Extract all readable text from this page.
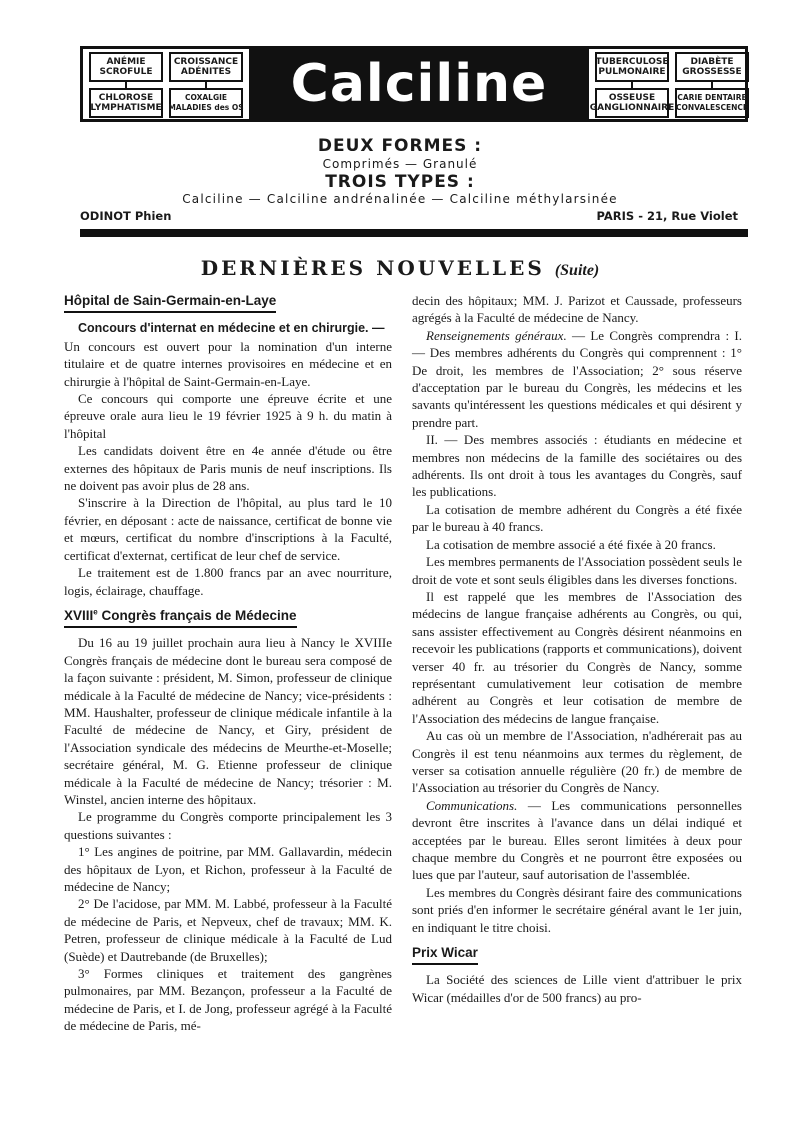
ANÉMIE
SCROFULE
CROISSANCE
ADÉNITES
CHLOROSE
LYMPHATISME
COXALGIE
MALADIES des OS Calciline	TUBERCULOSE
PULMONAIRE
DIABÈTE
GROSSESSE
OSSEUSE
GANGLIONNAIRE
CARIE DENTAIRE
CONVALESCENCE
DEUX FORMES :
Comprimés — Granulé
TROIS TYPES :
Calciline — Calciline andrénalinée — Calciline méthylarsinée
ODINOT Phien	PARIS - 21, Rue Violet
DERNIÈRES NOUVELLES (Suite)
Hôpital de Sain-Germain-en-Laye

Concours d'internat en médecine et en chirurgie. —

Un concours est ouvert pour la nomination d'un interne titulaire et de quatre internes provisoires en médecine et en chirurgie à l'hôpital de Saint-Germain-en-Laye.

Ce concours qui comporte une épreuve écrite et une épreuve orale aura lieu le 19 février 1925 à 9 h. du matin à l'hôpital

Les candidats doivent être en 4e année d'étude ou être externes des hôpitaux de Paris munis de neuf inscriptions. Ils ne doivent pas avoir plus de 28 ans.

S'inscrire à la Direction de l'hôpital, au plus tard le 10 février, en déposant : acte de naissance, certificat de bonne vie et mœurs, certificat du nombre d'inscriptions à la Faculté, certificat d'externat, certificat de leur chef de service.

Le traitement est de 1.800 francs par an avec nourriture, logis, éclairage, chauffage.

XVIIIe Congrès français de Médecine

Du 16 au 19 juillet prochain aura lieu à Nancy le XVIIIe Congrès français de médecine dont le bureau sera composé de la façon suivante : président, M. Simon, professeur de clinique médicale à la Faculté de médecine de Nancy; vice-présidents : MM. Haushalter, professeur de clinique médicale infantile à la Faculté de médecine de Nancy, et Giry, président de l'Association syndicale des médecins de Meurthe-et-Moselle; secrétaire général, M. G. Etienne professeur de clinique médicale à la Faculté de médecine de Nancy; trésorier : M. Winstel, ancien interne des hôpitaux.

Le programme du Congrès comporte principalement les 3 questions suivantes :

1° Les angines de poitrine, par MM. Gallavardin, médecin des hôpitaux de Lyon, et Richon, professeur à la Faculté de médecine de Nancy;

2° De l'acidose, par MM. M. Labbé, professeur à la Faculté de médecine de Paris, et Nepveux, chef de travaux; MM. K. Petren, professeur de clinique médicale à la Faculté de Lud (Suède) et Dautrebande (de Bruxelles);

3° Formes cliniques et traitement des gangrènes pulmonaires, par MM. Bezançon, professeur a la Faculté de médecine de Paris, et I. de Jong, professeur agrégé à la Faculté de médecine de Paris, mé-

decin des hôpitaux; MM. J. Parizot et Caussade, professeurs agrégés à la Faculté de médecine de Nancy.

Renseignements généraux. — Le Congrès comprendra : I. — Des membres adhérents du Congrès qui comprennent : 1° De droit, les membres de l'Association; 2° sous réserve d'acceptation par le bureau du Congrès, les médecins et les savants qu'intéressent les questions médicales et qui désirent y prendre part.

II. — Des membres associés : étudiants en médecine et membres non médecins de la famille des sociétaires ou des adhérents. Ils ont droit à tous les avantages du Congrès, sauf les publications.

La cotisation de membre adhérent du Congrès a été fixée par le bureau à 40 francs.

La cotisation de membre associé a été fixée à 20 francs.

Les membres permanents de l'Association possèdent seuls le droit de vote et sont seuls éligibles dans les diverses fonctions.

Il est rappelé que les membres de l'Association des médecins de langue française adhérents au Congrès, ou qui, sans assister effectivement au Congrès désirent néanmoins en recevoir les publications (rapports et communications), doivent verser 40 fr. au trésorier du Congrès de Nancy, somme représentant cumulativement leur cotisation de membre adhérent au Congrès et leur cotisation de membre de l'Association des médecins de langue française.

Au cas où un membre de l'Association, n'adhérerait pas au Congrès il est tenu néanmoins aux termes du règlement, de verser sa cotisation annuelle régulière (20 fr.) de membre de l'Association au trésorier du Congrès de Nancy.

Communications. — Les communications personnelles devront être inscrites à l'avance dans un délai indiqué et acceptées par le bureau. Elles seront limitées à deux pour chaque membre du Congrès et ne pourront être exposées ou lues que par l'auteur, sauf autorisation de l'assemblée.

Les membres du Congrès désirant faire des communications sont priés d'en informer le secrétaire général avant le 1er juin, en indiquant le titre choisi.

Prix Wicar

La Société des sciences de Lille vient d'attribuer le prix Wicar (médailles d'or de 500 francs) au pro-
